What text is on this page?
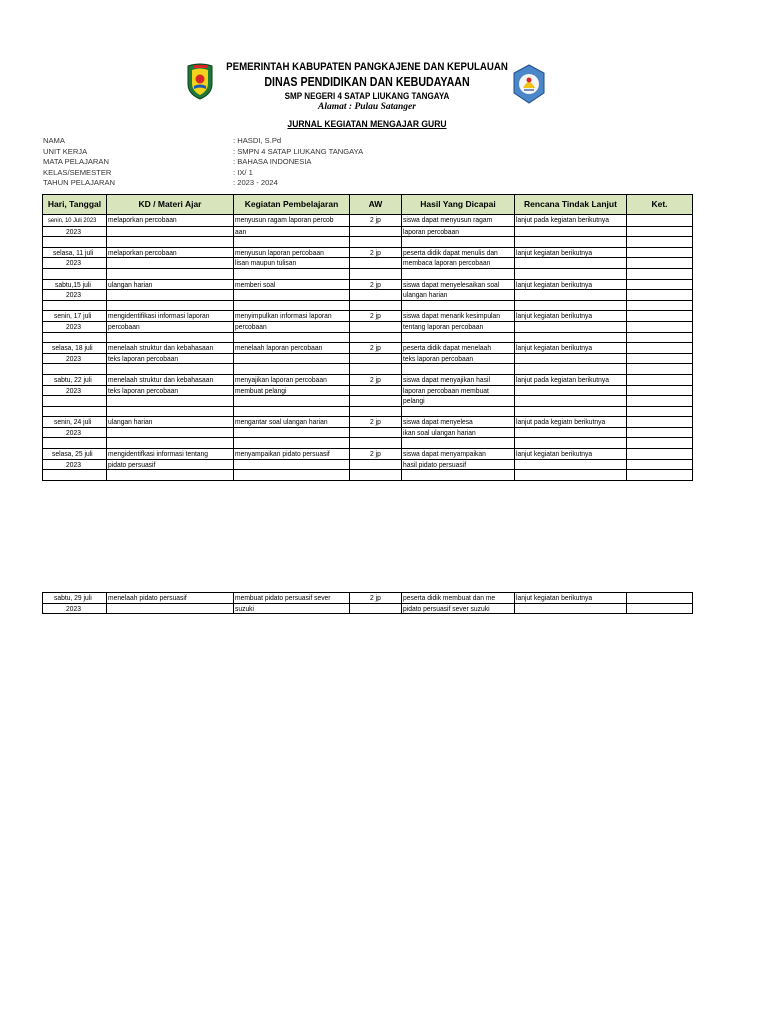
PEMERINTAH KABUPATEN PANGKAJENE DAN KEPULAUAN
DINAS PENDIDIKAN DAN KEBUDAYAAN
SMP NEGERI 4 SATAP LIUKANG TANGAYA
Alamat : Pulau Satanger
JURNAL KEGIATAN MENGAJAR GURU
NAMA	: HASDI, S.Pd
UNIT KERJA	: SMPN 4 SATAP LIUKANG TANGAYA
MATA PELAJARAN	: BAHASA INDONESIA
KELAS/SEMESTER	: IX/ 1
TAHUN PELAJARAN	: 2023 - 2024
Hari, Tanggal	KD / Materi Ajar	Kegiatan Pembelajaran	AW	Hasil Yang Dicapai	Rencana Tindak Lanjut	Ket.
senin, 10 Juli 2023	melaporkan percobaan	menyusun ragam laporan percob	2 jp	siswa dapat menyusun ragam	lanjut pada kegiatan berikutnya	
2023		aan		laporan percobaan		

selasa, 11 juli	melaporkan percobaan	menyusun laporan percobaan	2 jp	peserta didik dapat menulis dan	lanjut kegiatan berikutnya	
2023		lisan maupun tulisan		membaca laporan percobaan		

sabtu,15 juli	ulangan harian	memberi soal	2 jp	siswa dapat menyelesaikan soal	lanjut kegiatan berikutnya	
2023				ulangan harian		

senin, 17 juli	mengidentifikasi informasi laporan	menyimpulkan informasi laporan	2 jp	siswa dapat menarik kesimpulan	lanjut kegiatan berikutnya	
2023	percobaan	percobaan		tentang laporan percobaan		

selasa, 18 juli	menelaah struktur dan kebahasaan	menelaah laporan percobaan	2 jp	peserta didik dapat menelaah	lanjut kegiatan berikutnya	
2023	teks laporan percobaan			teks laporan percobaan		

sabtu, 22 juli	menelaah struktur dan kebahasaan	menyajikan laporan percobaan	2 jp	siswa dapat menyajikan hasil	lanjut pada kegiatan berikutnya	
2023	teks laporan percobaan	membuat pelangi		laporan percobaan membuat		
				pelangi		

senin, 24 juli	ulangan harian	mengantar soal ulangan harian	2 jp	siswa dapat menyelesa	lanjut pada kegiatn berikutnya	
2023				ikan soal ulangan harian		

selasa, 25 juli	mengidentifkasi informasi tentang	menyampaikan pidato persuasif	2 jp	siswa dapat menyampaikan	lanjut kegiatan berikutnya	
2023	pidato persuasif			hasil pidato persuasif		

sabtu, 29 juli	menelaah pidato persuasif	membuat pidato persuasif sever	2 jp	peserta didik membuat dan me	lanjut kegiatan berikutnya	
2023		suzuki		pidato persuasif sever suzuki		
